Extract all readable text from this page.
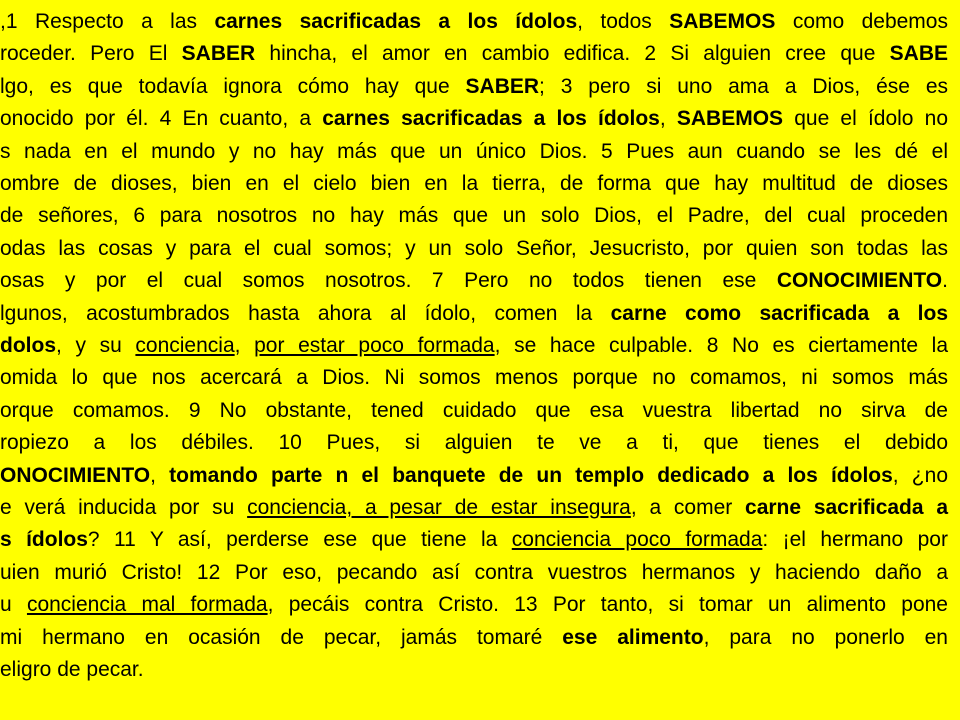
,1 Respecto a las carnes sacrificadas a los ídolos, todos SABEMOS como debemos
roceder. Pero El SABER hincha, el amor en cambio edifica. 2 Si alguien cree que SABE
lgo, es que todavía ignora cómo hay que SABER; 3 pero si uno ama a Dios, ése es
onocido por él. 4 En cuanto, a carnes sacrificadas a los ídolos, SABEMOS que el ídolo no
s nada en el mundo y no hay más que un único Dios. 5 Pues aun cuando se les dé el
ombre de dioses, bien en el cielo bien en la tierra, de forma que hay multitud de dioses
de señores, 6 para nosotros no hay más que un solo Dios, el Padre, del cual proceden
odas las cosas y para el cual somos; y un solo Señor, Jesucristo, por quien son todas las
osas y por el cual somos nosotros. 7 Pero no todos tienen ese CONOCIMIENTO.
lgunos, acostumbrados hasta ahora al ídolo, comen la carne como sacrificada a los
dolos, y su conciencia, por estar poco formada, se hace culpable. 8 No es ciertamente la
omida lo que nos acercará a Dios. Ni somos menos porque no comamos, ni somos más
orque comamos. 9 No obstante, tened cuidado que esa vuestra libertad no sirva de
ropiezo a los débiles. 10 Pues, si alguien te ve a ti, que tienes el debido
ONOCIMIENTO, tomando parte n el banquete de un templo dedicado a los ídolos, ¿no
e verá inducida por su conciencia, a pesar de estar insegura, a comer carne sacrificada a
s ídolos? 11 Y así, perderse ese que tiene la conciencia poco formada: ¡el hermano por
uien murió Cristo! 12 Por eso, pecando así contra vuestros hermanos y haciendo daño a
u conciencia mal formada, pecáis contra Cristo. 13 Por tanto, si tomar un alimento pone
mi hermano en ocasión de pecar, jamás tomaré ese alimento, para no ponerlo en
eligro de pecar.
